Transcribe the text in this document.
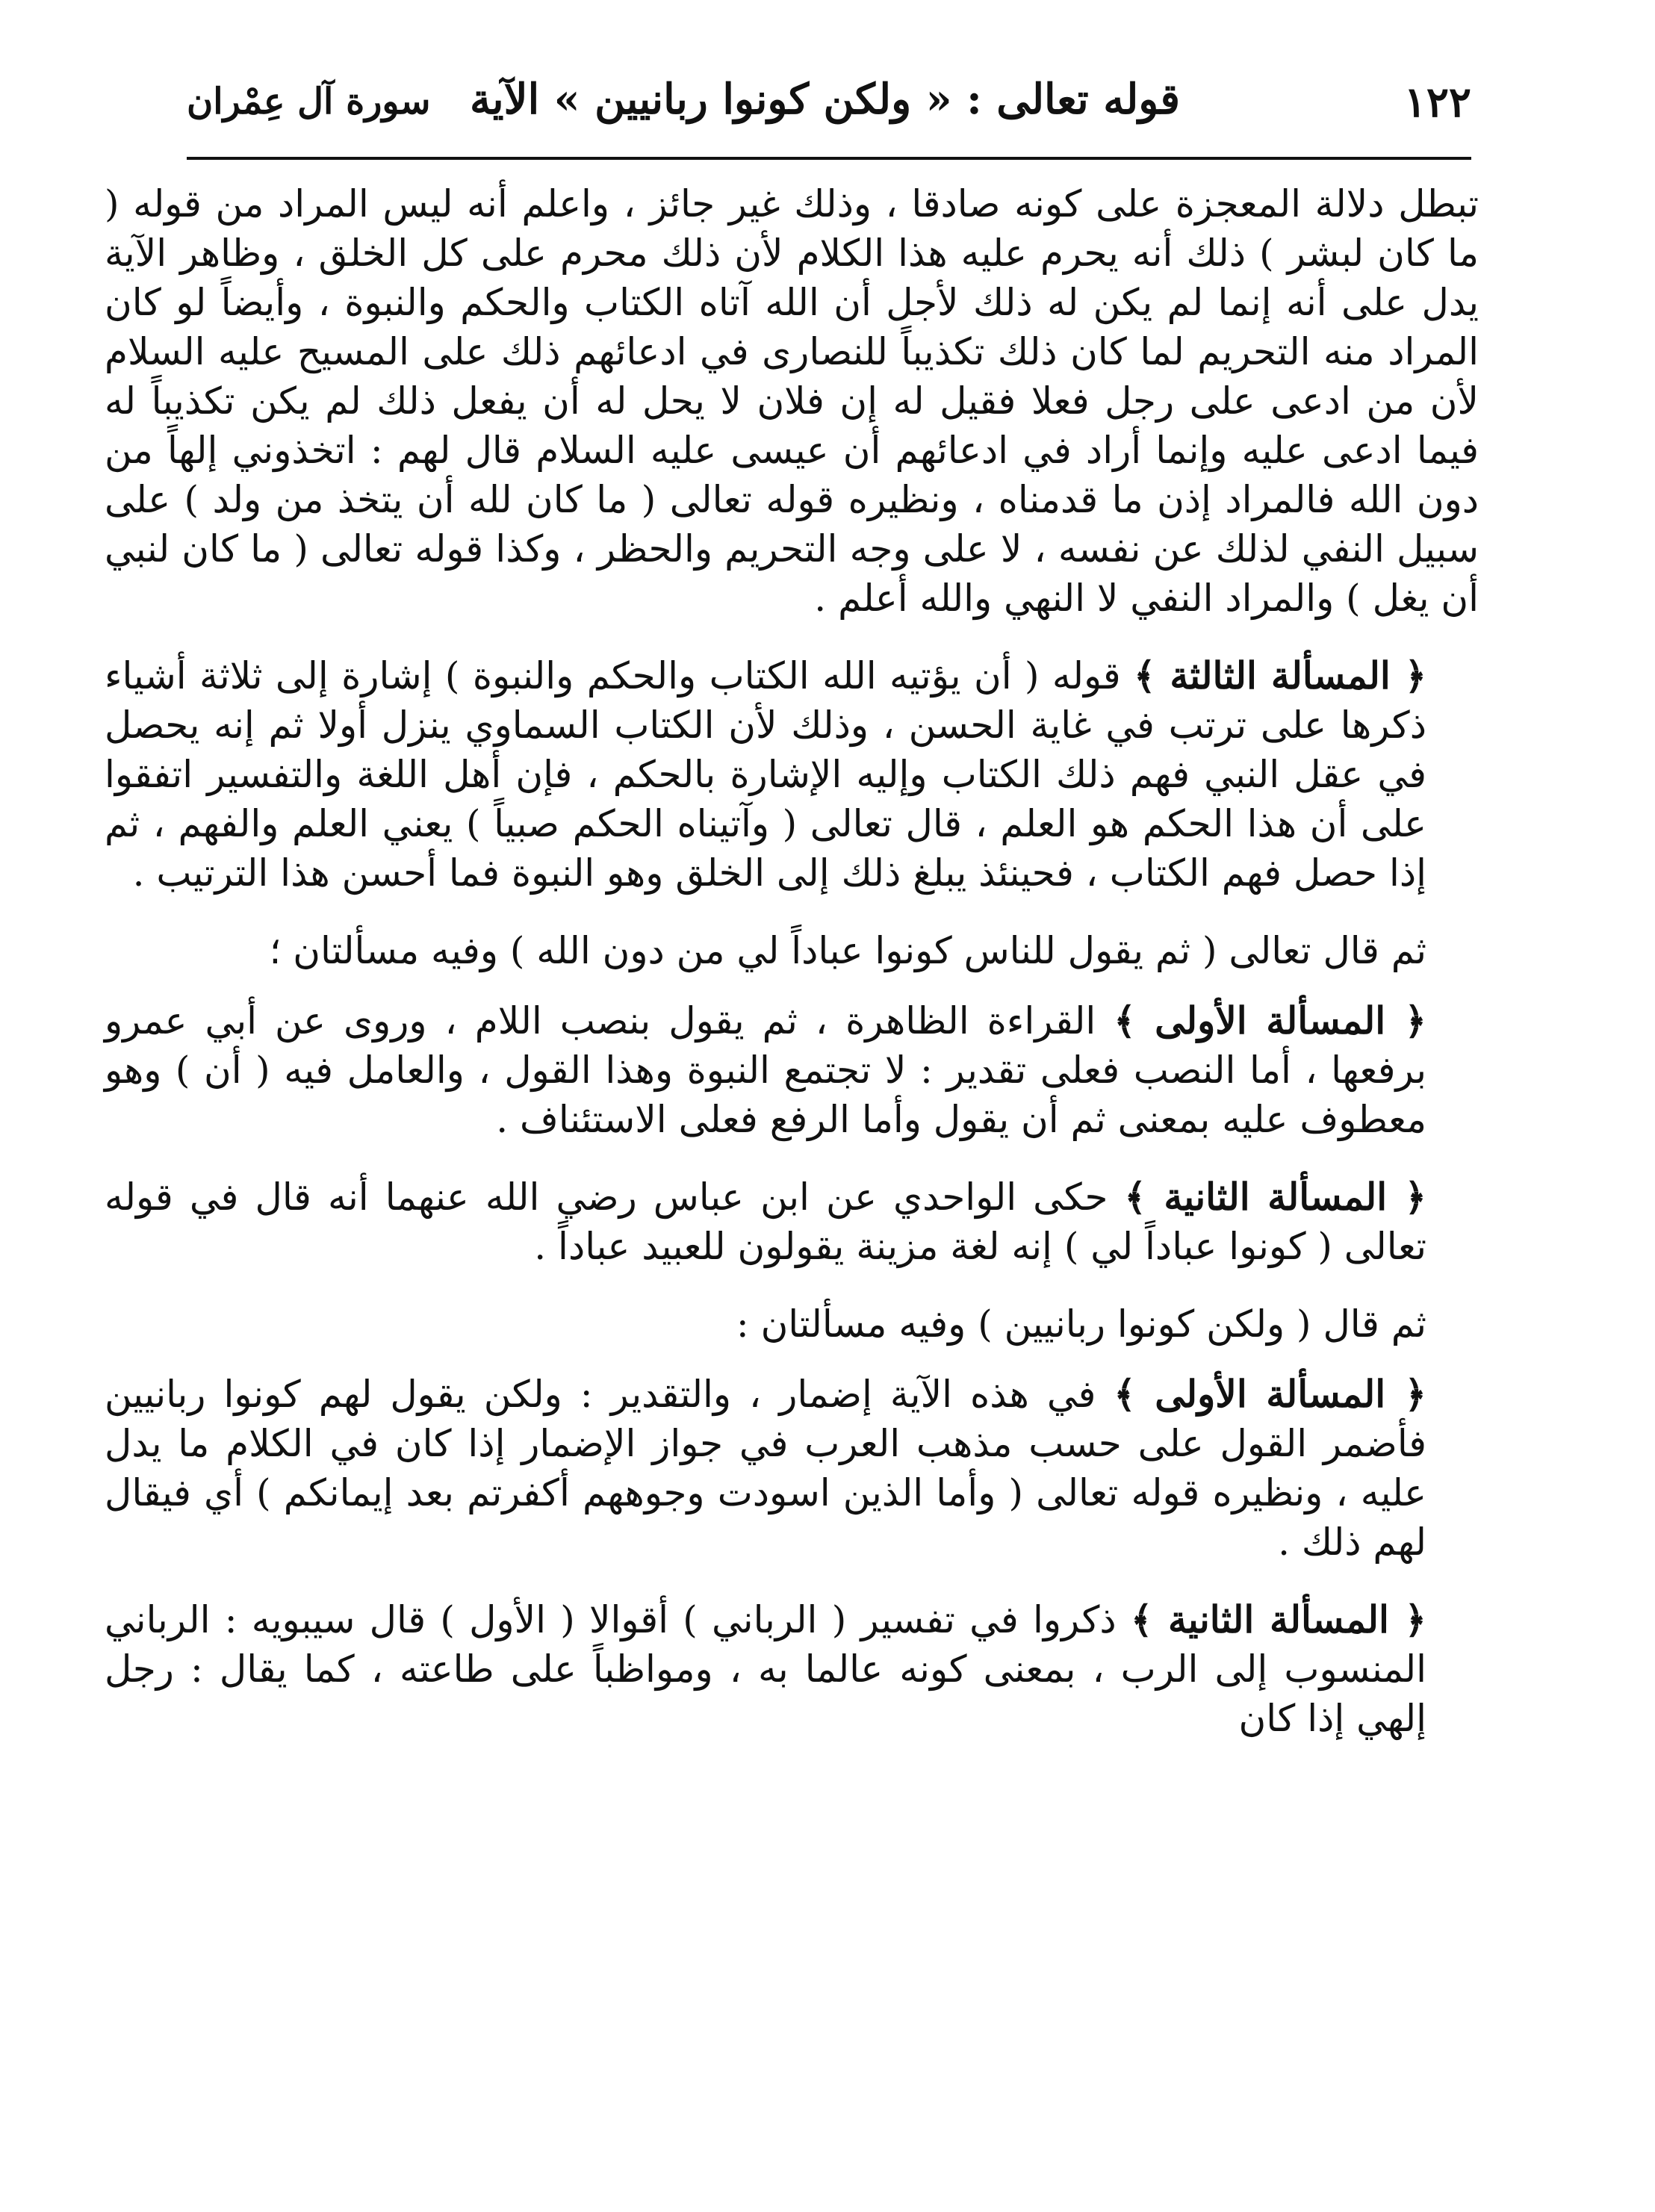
١٢٢
قوله تعالى : « ولكن كونوا ربانيين » الآية
سورة آل عِمْران

تبطل دلالة المعجزة على كونه صادقا ، وذلك غير جائز ، واعلم أنه ليس المراد من قوله ( ما كان لبشر ) ذلك أنه يحرم عليه هذا الكلام لأن ذلك محرم على كل الخلق ، وظاهر الآية يدل على أنه إنما لم يكن له ذلك لأجل أن الله آتاه الكتاب والحكم والنبوة ، وأيضاً لو كان المراد منه التحريم لما كان ذلك تكذيباً للنصارى في ادعائهم ذلك على المسيح عليه السلام لأن من ادعى على رجل فعلا فقيل له إن فلان لا يحل له أن يفعل ذلك لم يكن تكذيباً له فيما ادعى عليه وإنما أراد في ادعائهم أن عيسى عليه السلام قال لهم : اتخذوني إلهاً من دون الله فالمراد إذن ما قدمناه ، ونظيره قوله تعالى ( ما كان لله أن يتخذ من ولد ) على سبيل النفي لذلك عن نفسه ، لا على وجه التحريم والحظر ، وكذا قوله تعالى ( ما كان لنبي أن يغل ) والمراد النفي لا النهي والله أعلم .

﴿ المسألة الثالثة ﴾ قوله ( أن يؤتيه الله الكتاب والحكم والنبوة ) إشارة إلى ثلاثة أشياء ذكرها على ترتب في غاية الحسن ، وذلك لأن الكتاب السماوي ينزل أولا ثم إنه يحصل في عقل النبي فهم ذلك الكتاب وإليه الإشارة بالحكم ، فإن أهل اللغة والتفسير اتفقوا على أن هذا الحكم هو العلم ، قال تعالى ( وآتيناه الحكم صبياً ) يعني العلم والفهم ، ثم إذا حصل فهم الكتاب ، فحينئذ يبلغ ذلك إلى الخلق وهو النبوة فما أحسن هذا الترتيب .

ثم قال تعالى ( ثم يقول للناس كونوا عباداً لي من دون الله ) وفيه مسألتان ؛

﴿ المسألة الأولى ﴾ القراءة الظاهرة ، ثم يقول بنصب اللام ، وروى عن أبي عمرو برفعها ، أما النصب فعلى تقدير : لا تجتمع النبوة وهذا القول ، والعامل فيه ( أن ) وهو معطوف عليه بمعنى ثم أن يقول وأما الرفع فعلى الاستئناف .

﴿ المسألة الثانية ﴾ حكى الواحدي عن ابن عباس رضي الله عنهما أنه قال في قوله تعالى ( كونوا عباداً لي ) إنه لغة مزينة يقولون للعبيد عباداً .

ثم قال ( ولكن كونوا ربانيين ) وفيه مسألتان :

﴿ المسألة الأولى ﴾ في هذه الآية إضمار ، والتقدير : ولكن يقول لهم كونوا ربانيين فأضمر القول على حسب مذهب العرب في جواز الإضمار إذا كان في الكلام ما يدل عليه ، ونظيره قوله تعالى ( وأما الذين اسودت وجوههم أكفرتم بعد إيمانكم ) أي فيقال لهم ذلك .

﴿ المسألة الثانية ﴾ ذكروا في تفسير ( الرباني ) أقوالا ( الأول ) قال سيبويه : الرباني المنسوب إلى الرب ، بمعنى كونه عالما به ، ومواظباً على طاعته ، كما يقال : رجل إلهي إذا كان
